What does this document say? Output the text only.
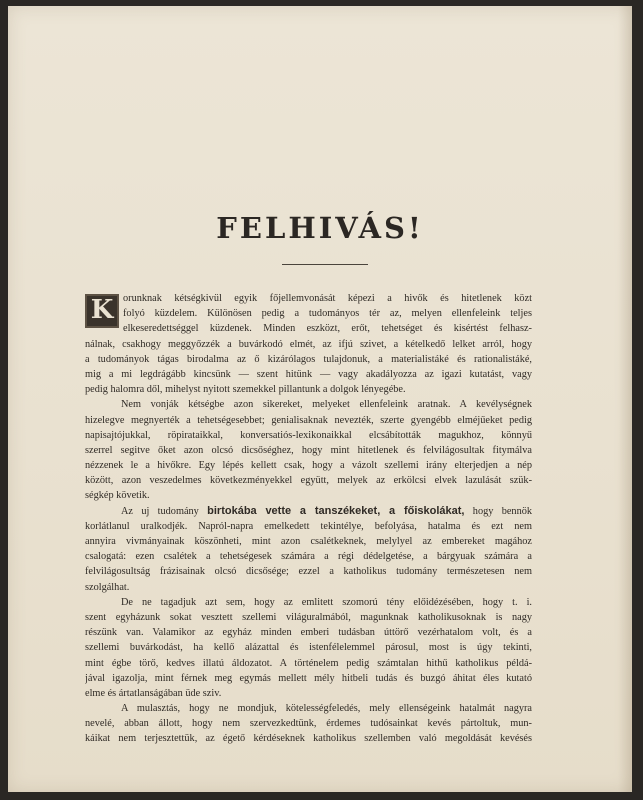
FELHIVÁS!
K orunknak kétségkivül egyik főjellemvonását képezi a hivők és hitetlenek közt
folyó küzdelem. Különösen pedig a tudományos tér az, melyen ellenfeleink teljes
elkeseredettséggel küzdenek. Minden eszközt, erőt, tehetséget és kisértést felhasz-
nálnak, csakhogy meggyőzzék a buvárkodó elmét, az ifjú szivet, a kételkedő lelket arról, hogy
a tudományok tágas birodalma az ő kizárólagos tulajdonuk, a materialistáké és rationalistáké,
mig a mi legdrágább kincsünk — szent hitünk — vagy akadályozza az igazi kutatást, vagy
pedig halomra dől, mihelyst nyitott szemekkel pillantunk a dolgok lényegébe.
Nem vonják kétségbe azon sikereket, melyeket ellenfeleink aratnak. A kevélységnek
hizelegve megnyerték a tehetségesebbet; genialisaknak nevezték, szerte gyengébb elméjűeket pedig
napisajtójukkal, röpirataikkal, konversatiós-lexikonaikkal elcsábították magukhoz, könnyű
szerrel segitve őket azon olcsó dicsőséghez, hogy mint hitetlenek és felvilágosultak fitymálva
nézzenek le a hivőkre. Egy lépés kellett csak, hogy a vázolt szellemi irány elterjedjen a nép
között, azon veszedelmes következményekkel együtt, melyek az erkölcsi elvek lazulását szük-
ségkép követik.
Az uj tudomány birtokába vette a tanszékeket, a főiskolákat, hogy bennök
korlátlanul uralkodjék. Napról-napra emelkedett tekintélye, befolyása, hatalma és ezt nem
annyira vivmányainak köszönheti, mint azon csalétkeknek, melylyel az embereket magához
csalogatá: ezen csalétek a tehetségesek számára a régi dédelgetése, a bárgyuak számára a
felvilágosultság frázisainak olcsó dicsősége; ezzel a katholikus tudomány természetesen nem
szolgálhat.
De ne tagadjuk azt sem, hogy az emlitett szomorú tény előidézésében, hogy t. i.
szent egyházunk sokat vesztett szellemi világuralmából, magunknak katholikusoknak is nagy
részünk van. Valamikor az egyház minden emberi tudásban úttörő vezérhatalom volt, és a
szellemi buvárkodást, ha kellő alázattal és istenfélelemmel párosul, most is úgy tekinti,
mint égbe törő, kedves illatú áldozatot. A történelem pedig számtalan hithű katholikus példá-
jával igazolja, mint férnek meg egymás mellett mély hitbeli tudás és buzgó áhitat éles kutató
elme és ártatlanságában üde sziv.
A mulasztás, hogy ne mondjuk, kötelességfeledés, mely ellenségeink hatalmát nagyra
nevelé, abban állott, hogy nem szervezkedtünk, érdemes tudósainkat kevés pártoltuk, mun-
káikat nem terjesztettük, az égető kérdéseknek katholikus szellemben való megoldását kevésés
